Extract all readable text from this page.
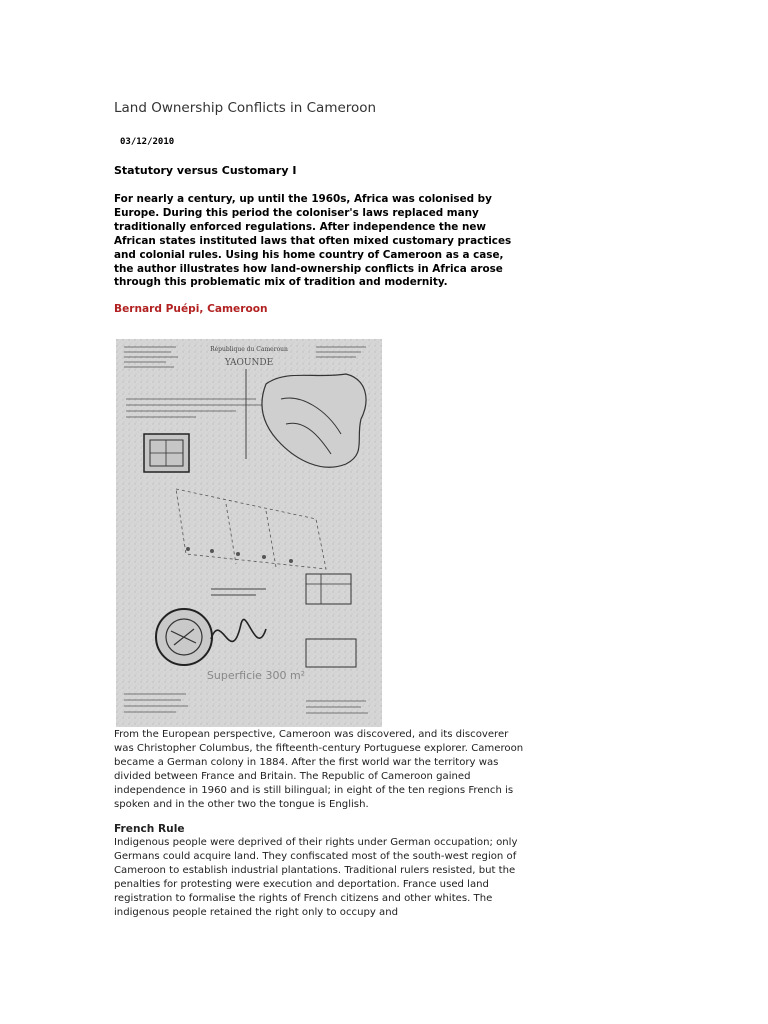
Land Ownership Conflicts in Cameroon
03/12/2010
Statutory versus Customary I

For nearly a century, up until the 1960s, Africa was colonised by Europe. During this period the coloniser's laws replaced many traditionally enforced regulations. After independence the new African states instituted laws that often mixed customary practices and colonial rules. Using his home country of Cameroon as a case, the author illustrates how land-ownership conflicts in Africa arose through this problematic mix of tradition and modernity.

Bernard Puépi, Cameroon

République du Cameroun
YAOUNDE
Superficie 300 m²

From the European perspective, Cameroon was discovered, and its discoverer was Christopher Columbus, the fifteenth-century Portuguese explorer. Cameroon became a German colony in 1884. After the first world war the territory was divided between France and Britain. The Republic of Cameroon gained independence in 1960 and is still bilingual; in eight of the ten regions French is spoken and in the other two the tongue is English.

French Rule

Indigenous people were deprived of their rights under German occupation; only Germans could acquire land. They confiscated most of the south-west region of Cameroon to establish industrial plantations. Traditional rulers resisted, but the penalties for protesting were execution and deportation. France used land registration to formalise the rights of French citizens and other whites. The indigenous people retained the right only to occupy and
